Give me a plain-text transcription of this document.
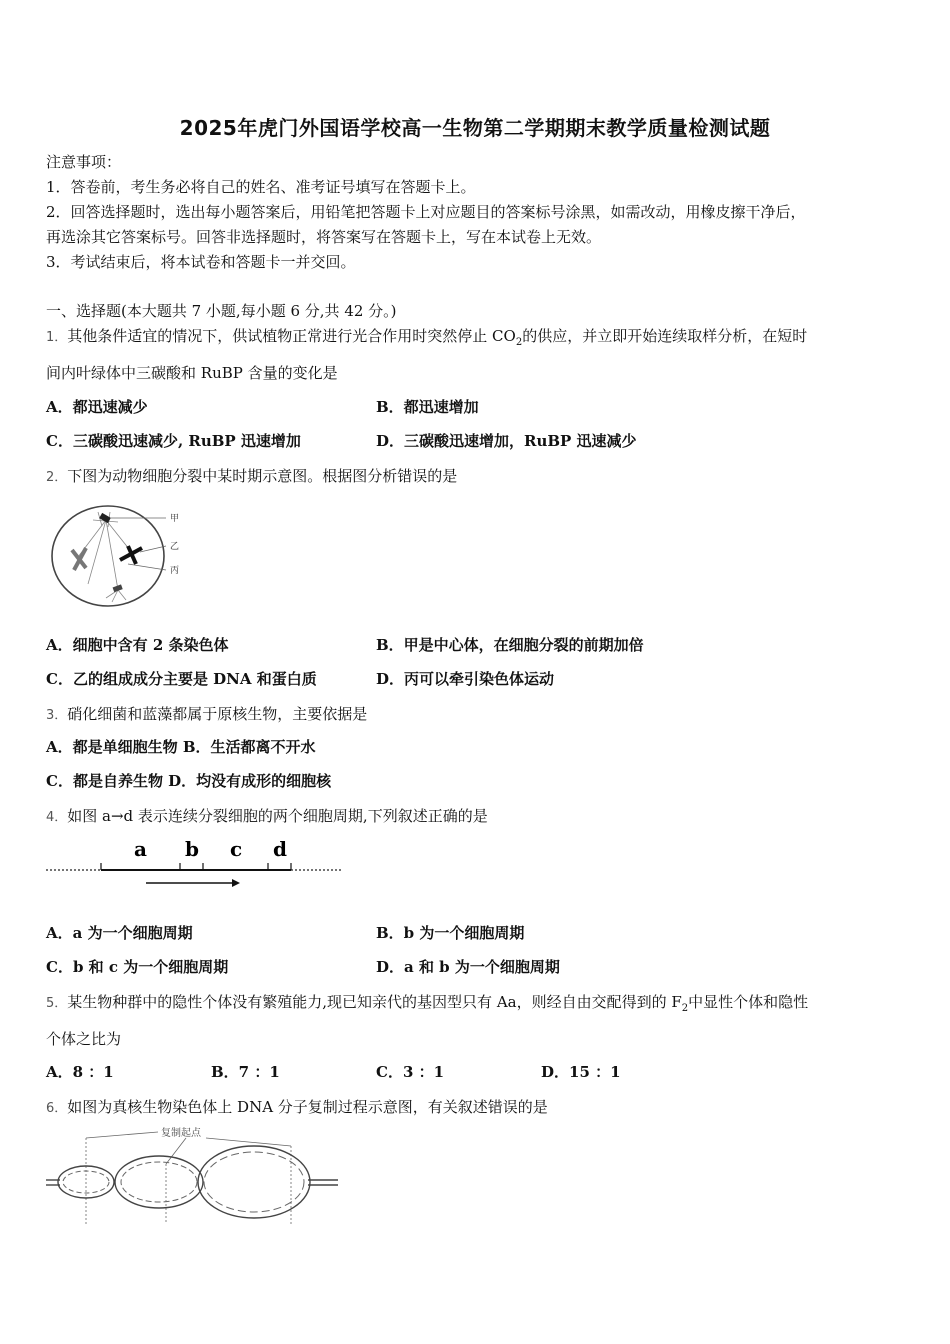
2025年虎门外国语学校高一生物第二学期期末教学质量检测试题
注意事项：
1．答卷前，考生务必将自己的姓名、准考证号填写在答题卡上。
2．回答选择题时，选出每小题答案后，用铅笔把答题卡上对应题目的答案标号涂黑，如需改动，用橡皮擦干净后，
再选涂其它答案标号。回答非选择题时，将答案写在答题卡上，写在本试卷上无效。
3．考试结束后，将本试卷和答题卡一并交回。
一、选择题(本大题共 7 小题,每小题 6 分,共 42 分。)
1．其他条件适宜的情况下，供试植物正常进行光合作用时突然停止 $CO_2$的供应，并立即开始连续取样分析，在短时
间内叶绿体中三碳酸和 RuBP 含量的变化是
A．都迅速减少	B．都迅速增加
C．三碳酸迅速减少, RuBP 迅速增加	D．三碳酸迅速增加，RuBP 迅速减少
2．下图为动物细胞分裂中某时期示意图。根据图分析错误的是
甲
乙
丙
A．细胞中含有 2 条染色体	B．甲是中心体，在细胞分裂的前期加倍
C．乙的组成成分主要是 DNA 和蛋白质	D．丙可以牵引染色体运动
3．硝化细菌和蓝藻都属于原核生物，主要依据是
A．都是单细胞生物 B．生活都离不开水
C．都是自养生物 D．均没有成形的细胞核
4．如图 a→d 表示连续分裂细胞的两个细胞周期,下列叙述正确的是
a b c d
A．a 为一个细胞周期	B．b 为一个细胞周期
C．b 和 c 为一个细胞周期	D．a 和 b 为一个细胞周期
5．某生物种群中的隐性个体没有繁殖能力,现已知亲代的基因型只有 Aa，则经自由交配得到的 $F_2$中显性个体和隐性
个体之比为
A．8 ：1	B．7 ：1	C．3 ：1	D．15 ：1
6．如图为真核生物染色体上 DNA 分子复制过程示意图，有关叙述错误的是
复制起点
